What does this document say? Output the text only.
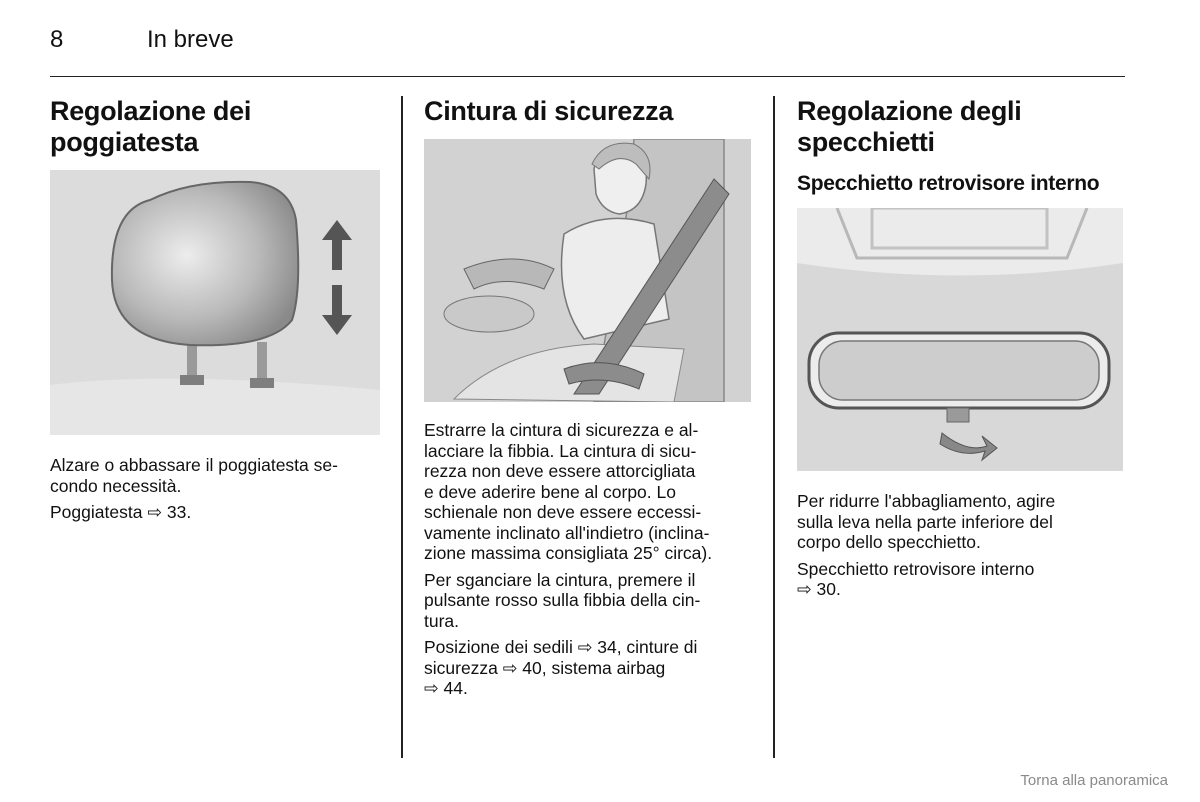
8	In breve
Regolazione dei
poggiatesta

Alzare o abbassare il poggiatesta se-
condo necessità.

Poggiatesta ⇨ 33.

Cintura di sicurezza

Estrarre la cintura di sicurezza e al-
lacciare la fibbia. La cintura di sicu-
rezza non deve essere attorcigliata
e deve aderire bene al corpo. Lo
schienale non deve essere eccessi-
vamente inclinato all'indietro (inclina-
zione massima consigliata 25° circa).

Per sganciare la cintura, premere il
pulsante rosso sulla fibbia della cin-
tura.

Posizione dei sedili ⇨ 34, cinture di
sicurezza ⇨ 40, sistema airbag
⇨ 44.

Regolazione degli
specchietti
Specchietto retrovisore interno

Per ridurre l'abbagliamento, agire
sulla leva nella parte inferiore del
corpo dello specchietto.

Specchietto retrovisore interno
⇨ 30.

Torna alla panoramica
